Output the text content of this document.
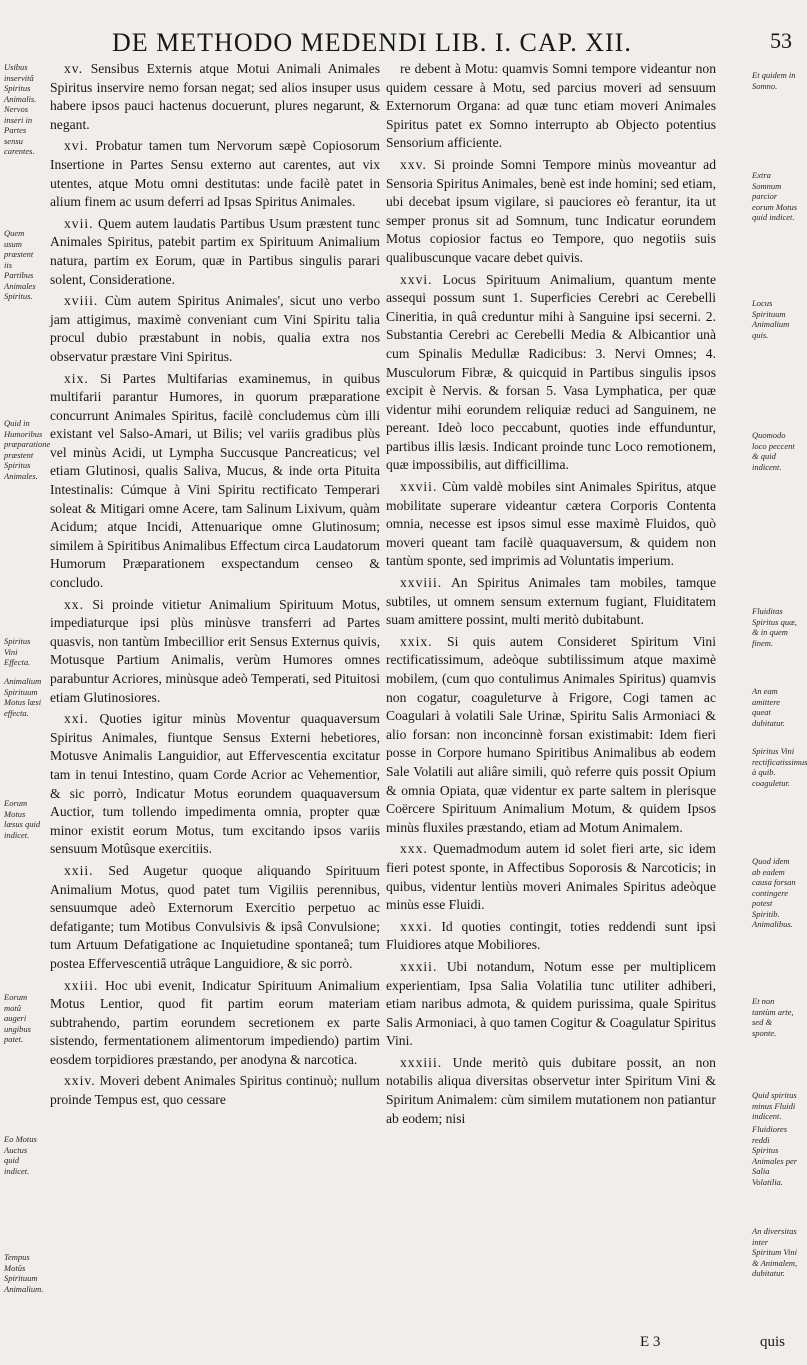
DE METHODO MEDENDI LIB. I. CAP. XII.	53

xv. Sensibus Externis atque Motui Animali Animales Spiritus inservire nemo forsan negat; sed alios insuper usus habere ipsos pauci hactenus docuerunt, plures negarunt, & negant.

xvi. Probatur tamen tum Nervorum sæpè Copiosorum Insertione in Partes Sensu externo aut carentes, aut vix utentes, atque Motu omni destitutas: unde facilè patet in alium finem ac usum deferri ad Ipsas Spiritus Animales.

xvii. Quem autem laudatis Partibus Usum præstent tunc Animales Spiritus, patebit partim ex Spirituum Animalium natura, partim ex Eorum, quæ in Partibus singulis parari solent, Consideratione.

xviii. Cùm autem Spiritus Animales', sicut uno verbo jam attigimus, maximè conveniant cum Vini Spiritu talia procul dubio præstabunt in nobis, qualia extra nos observatur præstare Vini Spiritus.

xix. Si Partes Multifarias examinemus, in quibus multifarii parantur Humores, in quorum præparatione concurrunt Animales Spiritus, facilè concludemus cùm illi existant vel Salso-Amari, ut Bilis; vel variis gradibus plùs vel minùs Acidi, ut Lympha Succusque Pancreaticus; vel etiam Glutinosi, qualis Saliva, Mucus, & inde orta Pituita Intestinalis: Cúmque à Vini Spiritu rectificato Temperari soleat & Mitigari omne Acere, tam Salinum Lixivum, quàm Acidum; atque Incidi, Attenuarique omne Glutinosum; similem à Spiritibus Animalibus Effectum circa Laudatorum Humorum Præparationem exspectandum censeo & concludo.

xx. Si proinde vitietur Animalium Spirituum Motus, impediaturque ipsi plùs minùsve transferri ad Partes quasvis, non tantùm Imbecillior erit Sensus Externus quivis, Motusque Partium Animalis, verùm Humores omnes parabuntur Acriores, minùsque adeò Temperati, sed Pituitosi etiam Glutinosiores.

xxi. Quoties igitur minùs Moventur quaquaversum Spiritus Animales, fiuntque Sensus Externi hebetiores, Motusve Animalis Languidior, aut Effervescentia excitatur tam in tenui Intestino, quam Corde Acrior ac Vehementior, & sic porrò, Indicatur Motus eorundem quaquaversum Auctior, tum tollendo impedimenta omnia, propter quæ minor existit eorum Motus, tum excitando ipsos variis sensuum Motûsque exercitiis.

xxii. Sed Augetur quoque aliquando Spirituum Animalium Motus, quod patet tum Vigiliis perennibus, sensuumque adeò Externorum Exercitio perpetuo ac defatigante; tum Motibus Convulsivis & ipsâ Convulsione; tum Artuum Defatigatione ac Inquietudine spontaneâ; tum postea Effervescentiâ utrâque Languidiore, & sic porrò.

xxiii. Hoc ubi evenit, Indicatur Spirituum Animalium Motus Lentior, quod fit partim eorum materiam subtrahendo, partim eorundem secretionem ex parte sistendo, fermentationem alimentorum impediendo) partim eosdem torpidiores præstando, per anodyna & narcotica.

xxiv. Moveri debent Animales Spiritus continuò; nullum proinde Tempus est, quo cessare

re debent à Motu: quamvis Somni tempore videantur non quidem cessare à Motu, sed parcius moveri ad sensuum Externorum Organa: ad quæ tunc etiam moveri Animales Spiritus patet ex Somno interrupto ab Objecto potentius Sensorium afficiente.

xxv. Si proinde Somni Tempore minùs moveantur ad Sensoria Spiritus Animales, benè est inde homini; sed etiam, ubi decebat ipsum vigilare, si pauciores eò ferantur, ita ut semper pronus sit ad Somnum, tunc Indicatur eorundem Motus copiosior factus eo Tempore, quo negotiis suis qualibuscunque vacare debet quivis.

xxvi. Locus Spirituum Animalium, quantum mente assequi possum sunt 1. Superficies Cerebri ac Cerebelli Cineritia, in quâ creduntur mihi à Sanguine ipsi secerni. 2. Substantia Cerebri ac Cerebelli Media & Albicantior unà cum Spinalis Medullæ Radicibus: 3. Nervi Omnes; 4. Musculorum Fibræ, & quicquid in Partibus singulis ipsos excipit è Nervis. & forsan 5. Vasa Lymphatica, per quæ videntur mihi eorundem reliquiæ reduci ad Sanguinem, ne pereant. Ideò loco peccabunt, quoties inde effunduntur, partibus illis læsis. Indicant proinde tunc Loco remotionem, quæ impossibilis, aut difficillima.

xxvii. Cùm valdè mobiles sint Animales Spiritus, atque mobilitate superare videantur cætera Corporis Contenta omnia, necesse est ipsos simul esse maximè Fluidos, quò moveri queant tam facilè quaquaversum, & quidem non tantùm sponte, sed imprimis ad Voluntatis imperium.

xxviii. An Spiritus Animales tam mobiles, tamque subtiles, ut omnem sensum externum fugiant, Fluiditatem suam amittere possint, multi meritò dubitabunt.

xxix. Si quis autem Consideret Spiritum Vini rectificatissimum, adeòque subtilissimum atque maximè mobilem, (cum quo contulimus Animales Spiritus) quamvis non cogatur, coaguleturve à Frigore, Cogi tamen ac Coagulari à volatili Sale Urinæ, Spiritu Salis Armoniaci & alio forsan: non inconcinnè forsan existimabit: Idem fieri posse in Corpore humano Spiritibus Animalibus ab eodem Sale Volatili aut aliâre simili, quò referre quis possit Opium & omnia Opiata, quæ videntur ex parte saltem in plerisque Coërcere Spirituum Animalium Motum, & quidem Ipsos minùs fluxiles præstando, etiam ad Motum Animalem.

xxx. Quemadmodum autem id solet fieri arte, sic idem fieri potest sponte, in Affectibus Soporosis & Narcoticis; in quibus, videntur lentiùs moveri Animales Spiritus adeòque minùs esse Fluidi.

xxxi. Id quoties contingit, toties reddendi sunt ipsi Fluidiores atque Mobiliores.

xxxii. Ubi notandum, Notum esse per multiplicem experientiam, Ipsa Salia Volatilia tunc utiliter adhiberi, etiam naribus admota, & quidem purissima, quale Spiritus Salis Armoniaci, à quo tamen Cogitur & Coagulatur Spiritus Vini.

xxxiii. Unde meritò quis dubitare possit, an non notabilis aliqua diversitas observetur inter Spiritum Vini & Spiritum Animalem: cùm similem mutationem non patiantur ab eodem; nisi

Usibus inservitâ Spiritus Animalis. Nervos inseri in Partes sensu carentes.
Quem usum præstent iis Partibus Animales Spiritus.
Quid in Humoribus præparatione præstent Spiritus Animales.
Spiritus Vini Effecta.
Animalium Spirituum Motus læsi effecta.
Eorum Motus læsus quid indicet.
Eorum motû augeri ungibus patet.
Eo Motus Auctus quid indicet.
Tempus Motûs Spirituum Animalium.
Et quidem in Somno.
Extra Somnum parcior eorum Motus quid indicet.
Locus Spirituum Animalium quis.
Quomodo loco peccent & quid indicent.
Fluiditas Spiritus quæ, & in quem finem.
An eam amittere queat dubitatur.
Spiritus Vini rectificatissimus à quib. coaguletur.
Quod idem ab eadem causa forsan contingere potest Spiritib. Animalibus.
Et non tantùm arte, sed & sponte.
Quid spiritus minus Fluidi indicent.
Fluidiores reddi Spiritus Animales per Salia Volatilia.
An diversitas inter Spiritum Vini & Animalem, dubitatur.
E 3	quis
